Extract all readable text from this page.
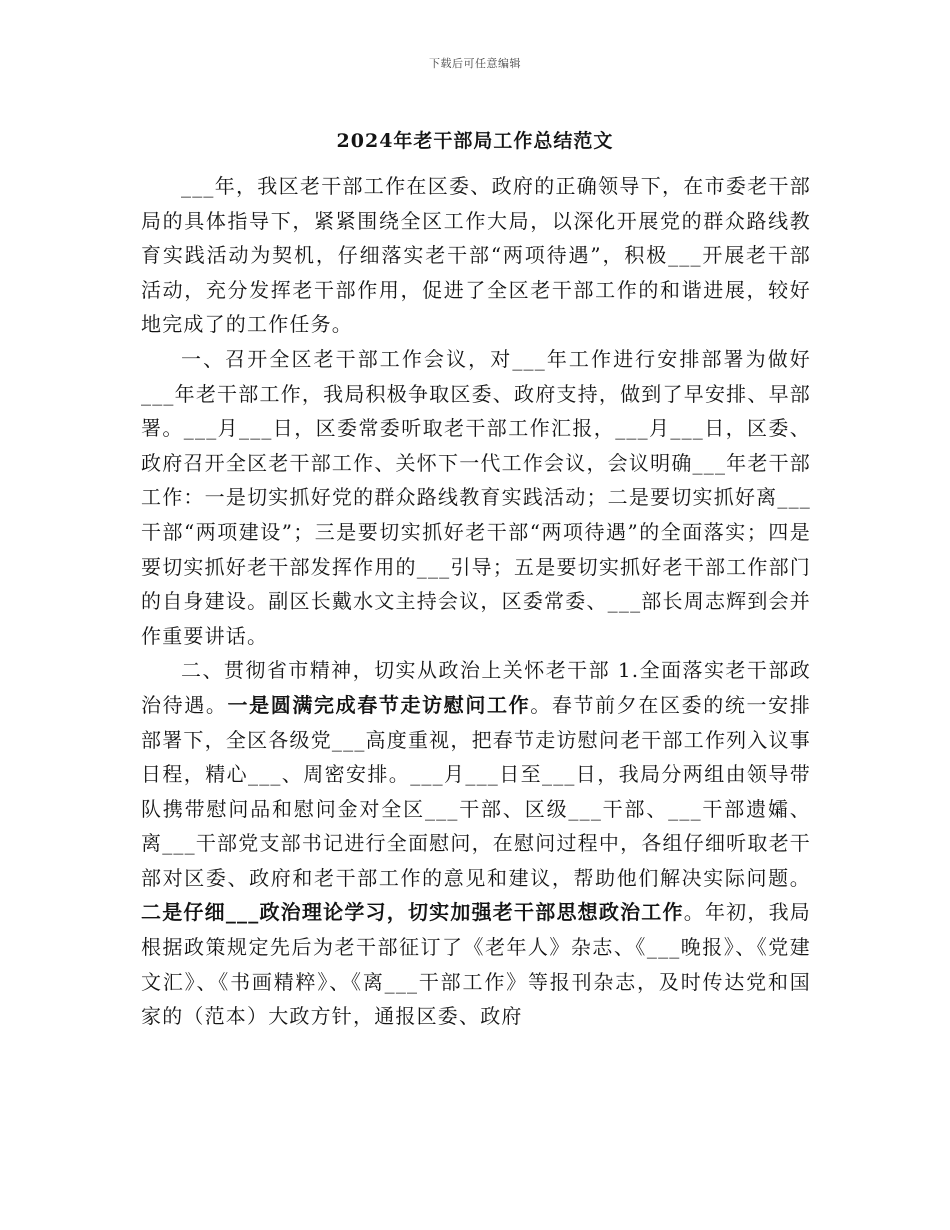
下载后可任意编辑
2024年老干部局工作总结范文

___年，我区老干部工作在区委、政府的正确领导下，在市委老干部局的具体指导下，紧紧围绕全区工作大局，以深化开展党的群众路线教育实践活动为契机，仔细落实老干部“两项待遇”，积极___开展老干部活动，充分发挥老干部作用，促进了全区老干部工作的和谐进展，较好地完成了的工作任务。

一、召开全区老干部工作会议，对___年工作进行安排部署为做好___年老干部工作，我局积极争取区委、政府支持，做到了早安排、早部署。___月___日，区委常委听取老干部工作汇报，___月___日，区委、政府召开全区老干部工作、关怀下一代工作会议，会议明确___年老干部工作：一是切实抓好党的群众路线教育实践活动；二是要切实抓好离___干部“两项建设”；三是要切实抓好老干部“两项待遇”的全面落实；四是要切实抓好老干部发挥作用的___引导；五是要切实抓好老干部工作部门的自身建设。副区长戴水文主持会议，区委常委、___部长周志辉到会并作重要讲话。

二、贯彻省市精神，切实从政治上关怀老干部 1.全面落实老干部政治待遇。一是圆满完成春节走访慰问工作。春节前夕在区委的统一安排部署下，全区各级党___高度重视，把春节走访慰问老干部工作列入议事日程，精心___、周密安排。___月___日至___日，我局分两组由领导带队携带慰问品和慰问金对全区___干部、区级___干部、___干部遗孀、离___干部党支部书记进行全面慰问，在慰问过程中，各组仔细听取老干部对区委、政府和老干部工作的意见和建议，帮助他们解决实际问题。二是仔细___政治理论学习，切实加强老干部思想政治工作。年初，我局根据政策规定先后为老干部征订了《老年人》杂志、《___晚报》、《党建文汇》、《书画精粹》、《离___干部工作》等报刊杂志，及时传达党和国家的（范本）大政方针，通报区委、政府
